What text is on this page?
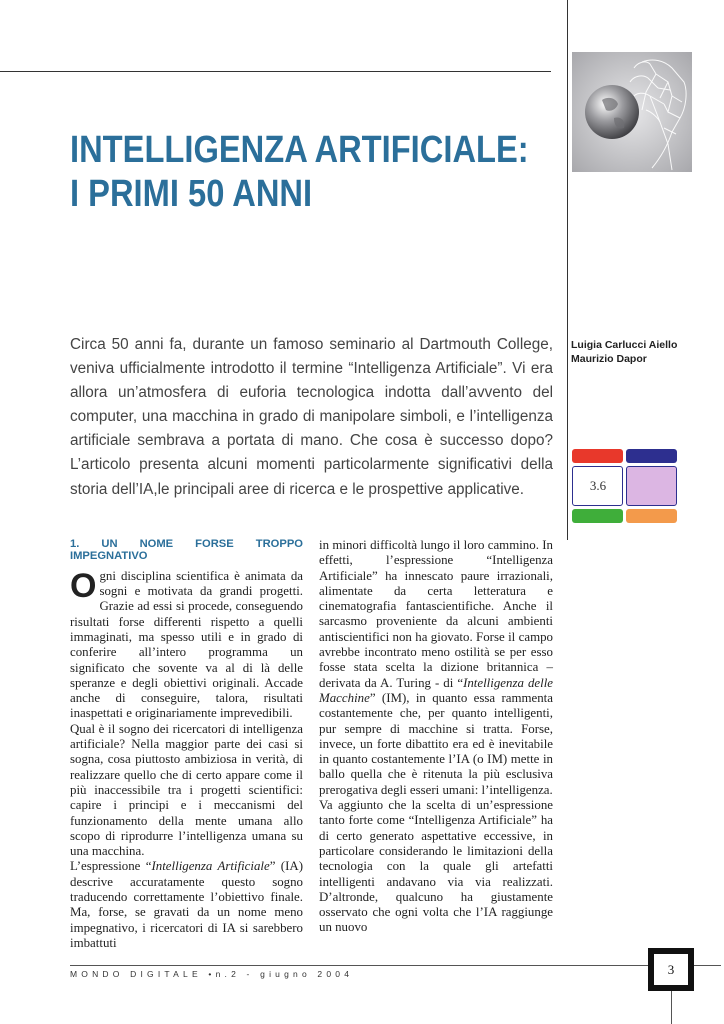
INTELLIGENZA ARTIFICIALE:
I PRIMI 50 ANNI
Luigia Carlucci Aiello
Maurizio Dapor

Circa 50 anni fa, durante un famoso seminario al Dartmouth College, venivа ufficialmente introdotto il termine “Intelligenza Artificiale”. Vi era allora un’atmosfera di euforia tecnologica indotta dall’avvento del computer, una macchina in grado di manipolare simboli, e l’intelligenza artificiale sembrava a portata di mano. Che cosa è successo dopo? L’articolo presenta alcuni momenti particolarmente significativi della storia dell’IA,le principali aree di ricerca e le prospettive applicative.	3.6
1. UN NOME FORSE TROPPO IMPEGNATIVO

Ogni disciplina scientifica è animata da sogni e motivata da grandi progetti. Grazie ad essi si procede, conseguendo risultati forse differenti rispetto a quelli immaginati, ma spesso utili e in grado di conferire all’intero programma un significato che sovente va al di là delle speranze e degli obiettivi originali. Accade anche di conseguire, talora, risultati inaspettati e originariamente imprevedibili.

Qual è il sogno dei ricercatori di intelligenza artificiale? Nella maggior parte dei casi si sogna, cosa piuttosto ambiziosa in verità, di realizzare quello che di certo appare come il più inaccessibile tra i progetti scientifici: capire i principi e i meccanismi del funzionamento della mente umana allo scopo di riprodurre l’intelligenza umana su una macchina.

L’espressione “Intelligenza Artificiale” (IA) descrive accuratamente questo sogno traducendo correttamente l’obiettivo finale. Ma, forse, se gravati da un nome meno impegnativo, i ricercatori di IA si sarebbero imbattuti

in minori difficoltà lungo il loro cammino. In effetti, l’espressione “Intelligenza Artificiale” ha innescato paure irrazionali, alimentate da certa letteratura e cinematografia fantascientifiche. Anche il sarcasmo proveniente da alcuni ambienti antiscientifici non ha giovato. Forse il campo avrebbe incontrato meno ostilità se per esso fosse stata scelta la dizione britannica – derivata da A. Turing - di “Intelligenza delle Macchine” (IM), in quanto essa rammenta costantemente che, per quanto intelligenti, pur sempre di macchine si tratta. Forse, invece, un forte dibattito era ed è inevitabile in quanto costantemente l’IA (o IM) mette in ballo quella che è ritenuta la più esclusiva prerogativa degli esseri umani: l’intelligenza.

Va aggiunto che la scelta di un’espressione tanto forte come “Intelligenza Artificiale” ha di certo generato aspettative eccessive, in particolare considerando le limitazioni della tecnologia con la quale gli artefatti intelligenti andavano via via realizzati. D’altronde, qualcuno ha giustamente osservato che ogni volta che l’IA raggiunge un nuovo

MONDO DIGITALE •n.2 - giugno 2004	3
